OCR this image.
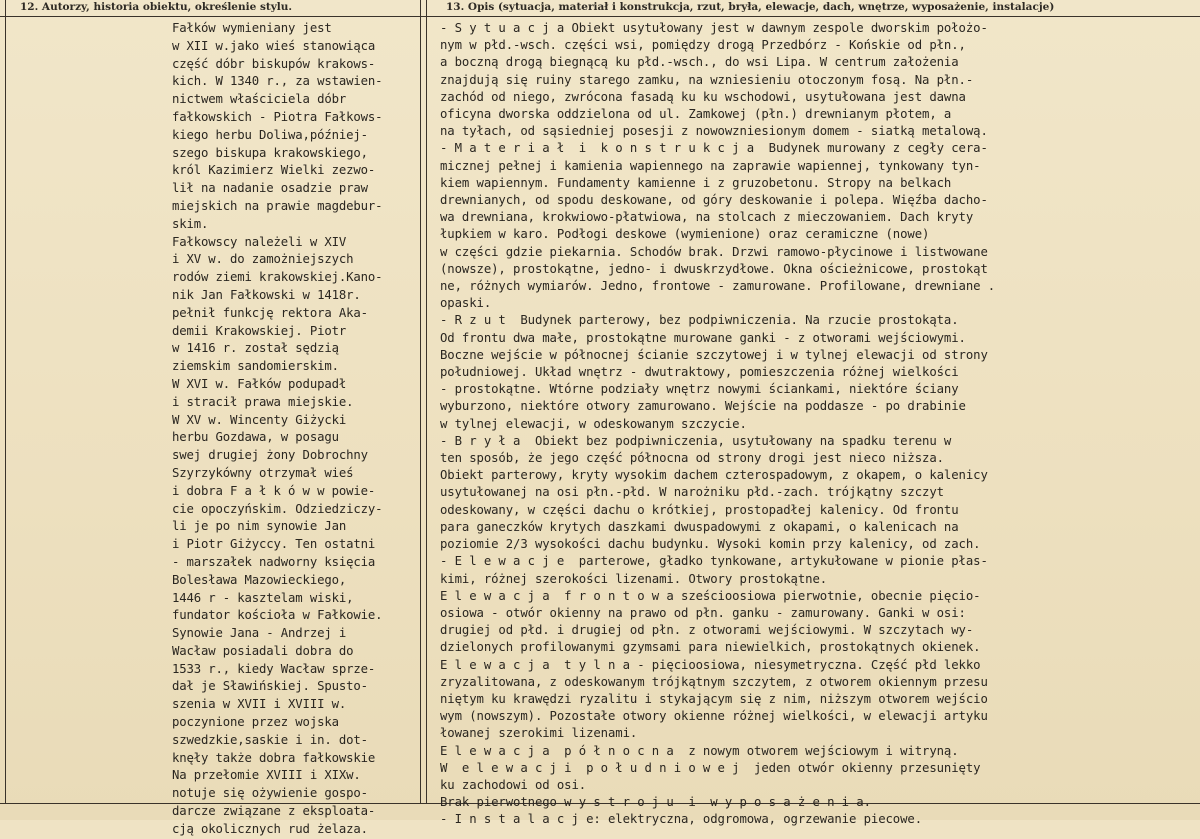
12. Autorzy, historia obiektu, określenie stylu.	13. Opis (sytuacja, materiał i konstrukcja, rzut, bryła, elewacje, dach, wnętrze, wyposażenie, instalacje)
Fałków wymieniany jest
w XII w.jako wieś stanowiąca
część dóbr biskupów krakows-
kich. W 1340 r., za wstawien-
nictwem właściciela dóbr
fałkowskich - Piotra Fałkows-
kiego herbu Doliwa,później-
szego biskupa krakowskiego,
król Kazimierz Wielki zezwo-
lił na nadanie osadzie praw
miejskich na prawie magdebur-
skim.
Fałkowscy należeli w XIV
i XV w. do zamożniejszych
rodów ziemi krakowskiej.Kano-
nik Jan Fałkowski w 1418r.
pełnił funkcję rektora Aka-
demii Krakowskiej. Piotr
w 1416 r. został sędzią
ziemskim sandomierskim.
W XVI w. Fałków podupadł
i stracił prawa miejskie.
W XV w. Wincenty Giżycki
herbu Gozdawa, w posagu
swej drugiej żony Dobrochny
Szyrzykówny otrzymał wieś
i dobra F a ł k ó w w powie-
cie opoczyńskim. Odziedziczy-
li je po nim synowie Jan
i Piotr Giżyccy. Ten ostatni
- marszałek nadworny księcia
Bolesława Mazowieckiego,
1446 r - kasztelam wiski,
fundator kościoła w Fałkowie.
Synowie Jana - Andrzej i
Wacław posiadali dobra do
1533 r., kiedy Wacław sprze-
dał je Sławińskiej. Spusto-
szenia w XVII i XVIII w.
poczynione przez wojska
szwedzkie,saskie i in. dot-
knęły także dobra fałkowskie
Na przełomie XVIII i XIXw.
notuje się ożywienie gospo-
darcze związane z eksploata-
cją okolicznych rud żelaza.
- S y t u a c j a Obiekt usytułowany jest w dawnym zespole dworskim położo-
nym w płd.-wsch. części wsi, pomiędzy drogą Przedbórz - Końskie od płn.,
a boczną drogą biegnącą ku płd.-wsch., do wsi Lipa. W centrum założenia
znajdują się ruiny starego zamku, na wzniesieniu otoczonym fosą. Na płn.-
zachód od niego, zwrócona fasadą ku ku wschodowi, usytułowana jest dawna
oficyna dworska oddzielona od ul. Zamkowej (płn.) drewnianym płotem, a
na tyłach, od sąsiedniej posesji z nowowzniesionym domem - siatką metalową.
- M a t e r i a ł  i  k o n s t r u k c j a  Budynek murowany z cegły cera-
micznej pełnej i kamienia wapiennego na zaprawie wapiennej, tynkowany tyn-
kiem wapiennym. Fundamenty kamienne i z gruzobetonu. Stropy na belkach
drewnianych, od spodu deskowane, od góry deskowanie i polepa. Więźba dacho-
wa drewniana, krokwiowo-płatwiowa, na stolcach z mieczowaniem. Dach kryty
łupkiem w karo. Podłogi deskowe (wymienione) oraz ceramiczne (nowe)
w części gdzie piekarnia. Schodów brak. Drzwi ramowo-płycinowe i listwowane
(nowsze), prostokątne, jedno- i dwuskrzydłowe. Okna ościeżnicowe, prostokąt
ne, różnych wymiarów. Jedno, frontowe - zamurowane. Profilowane, drewniane .
opaski.
- R z u t  Budynek parterowy, bez podpiwniczenia. Na rzucie prostokąta.
Od frontu dwa małe, prostokątne murowane ganki - z otworami wejściowymi.
Boczne wejście w północnej ścianie szczytowej i w tylnej elewacji od strony
południowej. Układ wnętrz - dwutraktowy, pomieszczenia różnej wielkości
- prostokątne. Wtórne podziały wnętrz nowymi ściankami, niektóre ściany
wyburzono, niektóre otwory zamurowano. Wejście na poddasze - po drabinie
w tylnej elewacji, w odeskowanym szczycie.
- B r y ł a  Obiekt bez podpiwniczenia, usytułowany na spadku terenu w
ten sposób, że jego część północna od strony drogi jest nieco niższa.
Obiekt parterowy, kryty wysokim dachem czterospadowym, z okapem, o kalenicy
usytułowanej na osi płn.-płd. W narożniku płd.-zach. trójkątny szczyt
odeskowany, w części dachu o krótkiej, prostopadłej kalenicy. Od frontu
para ganeczków krytych daszkami dwuspadowymi z okapami, o kalenicach na
poziomie 2/3 wysokości dachu budynku. Wysoki komin przy kalenicy, od zach.
- E l e w a c j e  parterowe, gładko tynkowane, artykułowane w pionie płas-
kimi, różnej szerokości lizenami. Otwory prostokątne.
E l e w a c j a  f r o n t o w a sześcioosiowa pierwotnie, obecnie pięcio-
osiowa - otwór okienny na prawo od płn. ganku - zamurowany. Ganki w osi:
drugiej od płd. i drugiej od płn. z otworami wejściowymi. W szczytach wy-
dzielonych profilowanymi gzymsami para niewielkich, prostokątnych okienek.
E l e w a c j a  t y l n a - pięcioosiowa, niesymetryczna. Część płd lekko
zryzalitowana, z odeskowanym trójkątnym szczytem, z otworem okiennym przesu
niętym ku krawędzi ryzalitu i stykającym się z nim, niższym otworem wejścio
wym (nowszym). Pozostałe otwory okienne różnej wielkości, w elewacji artyku
łowanej szerokimi lizenami.
E l e w a c j a  p ó ł n o c n a  z nowym otworem wejściowym i witryną.
W  e l e w a c j i  p o ł u d n i o w e j  jeden otwór okienny przesunięty
ku zachodowi od osi.
Brak pierwotnego w y s t r o j u  i  w y p o s a ż e n i a.
- I n s t a l a c j e: elektryczna, odgromowa, ogrzewanie piecowe.
